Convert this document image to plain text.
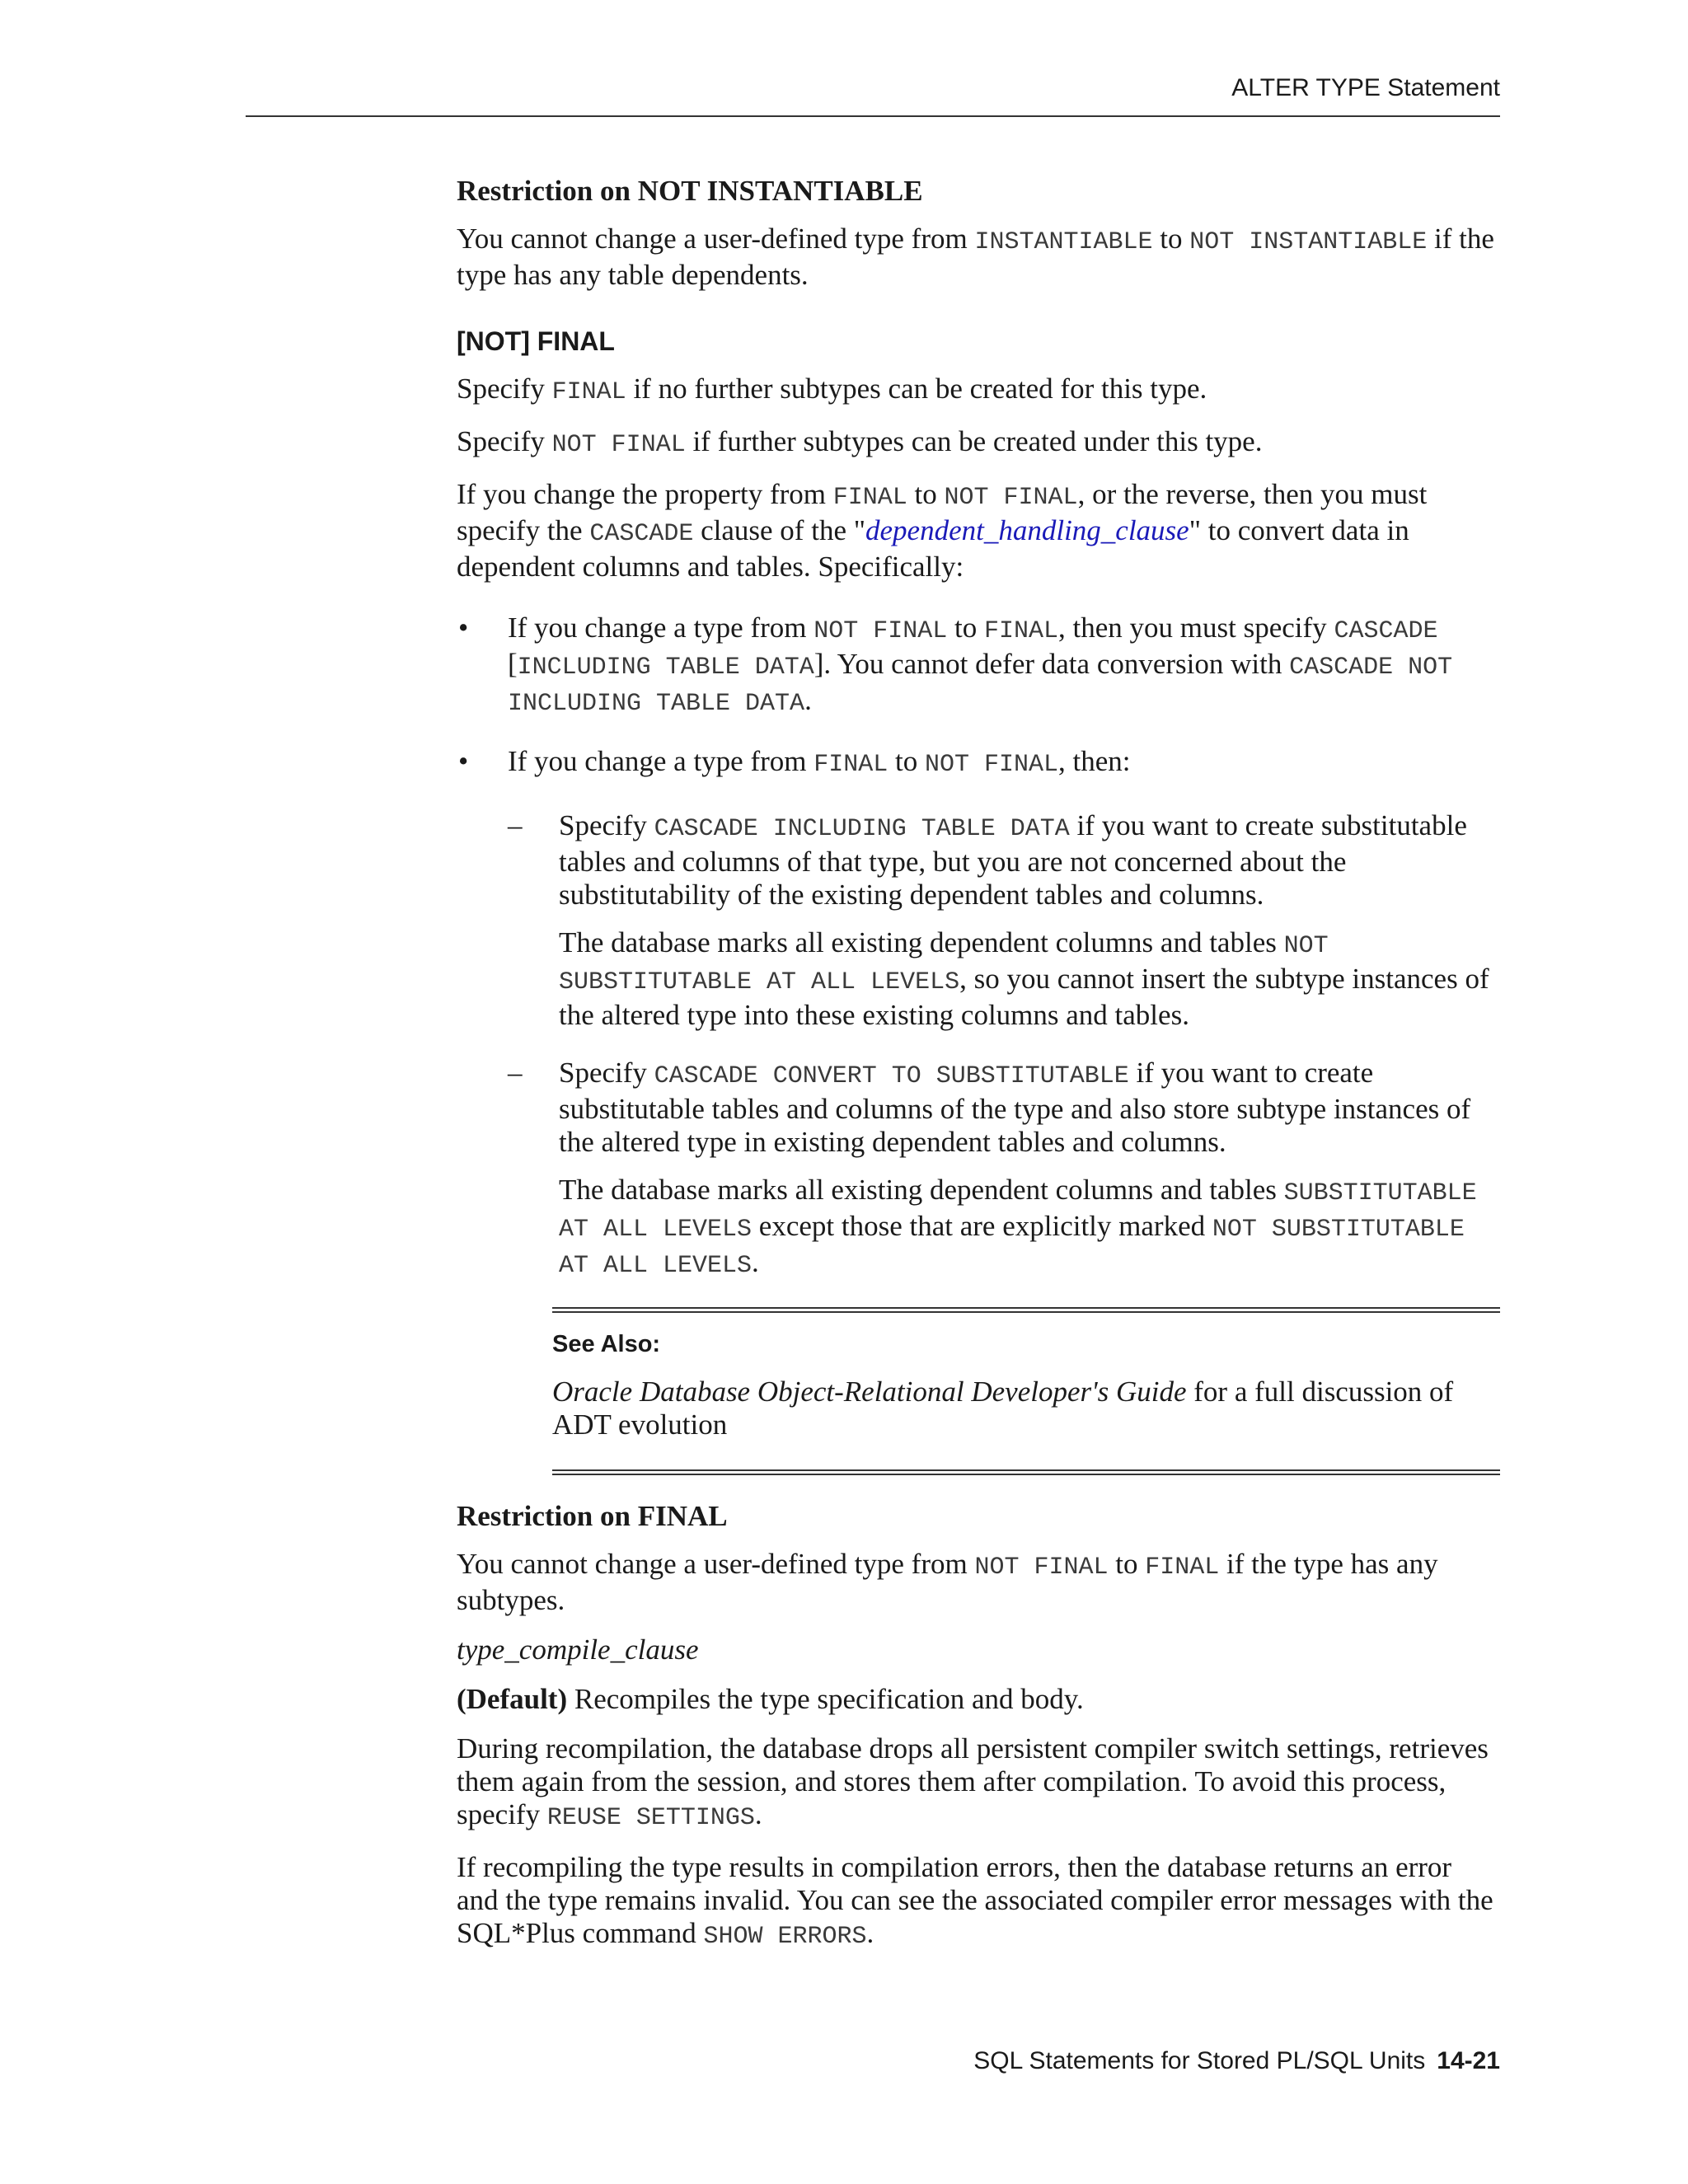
ALTER TYPE Statement
Restriction on NOT INSTANTIABLE

You cannot change a user-defined type from INSTANTIABLE to NOT INSTANTIABLE if the type has any table dependents.

[NOT] FINAL

Specify FINAL if no further subtypes can be created for this type.

Specify NOT FINAL if further subtypes can be created under this type.

If you change the property from FINAL to NOT FINAL, or the reverse, then you must specify the CASCADE clause of the "dependent_handling_clause" to convert data in dependent columns and tables. Specifically:

• If you change a type from NOT FINAL to FINAL, then you must specify CASCADE [INCLUDING TABLE DATA]. You cannot defer data conversion with CASCADE NOT INCLUDING TABLE DATA.
• If you change a type from FINAL to NOT FINAL, then:
– Specify CASCADE INCLUDING TABLE DATA if you want to create substitutable tables and columns of that type, but you are not concerned about the substitutability of the existing dependent tables and columns.

The database marks all existing dependent columns and tables NOT SUBSTITUTABLE AT ALL LEVELS, so you cannot insert the subtype instances of the altered type into these existing columns and tables.

– Specify CASCADE CONVERT TO SUBSTITUTABLE if you want to create substitutable tables and columns of the type and also store subtype instances of the altered type in existing dependent tables and columns.

The database marks all existing dependent columns and tables SUBSTITUTABLE AT ALL LEVELS except those that are explicitly marked NOT SUBSTITUTABLE AT ALL LEVELS.

See Also:

Oracle Database Object-Relational Developer's Guide for a full discussion of ADT evolution

Restriction on FINAL

You cannot change a user-defined type from NOT FINAL to FINAL if the type has any subtypes.

type_compile_clause

(Default) Recompiles the type specification and body.

During recompilation, the database drops all persistent compiler switch settings, retrieves them again from the session, and stores them after compilation. To avoid this process, specify REUSE SETTINGS.

If recompiling the type results in compilation errors, then the database returns an error and the type remains invalid. You can see the associated compiler error messages with the SQL*Plus command SHOW ERRORS.

SQL Statements for Stored PL/SQL Units 14-21
